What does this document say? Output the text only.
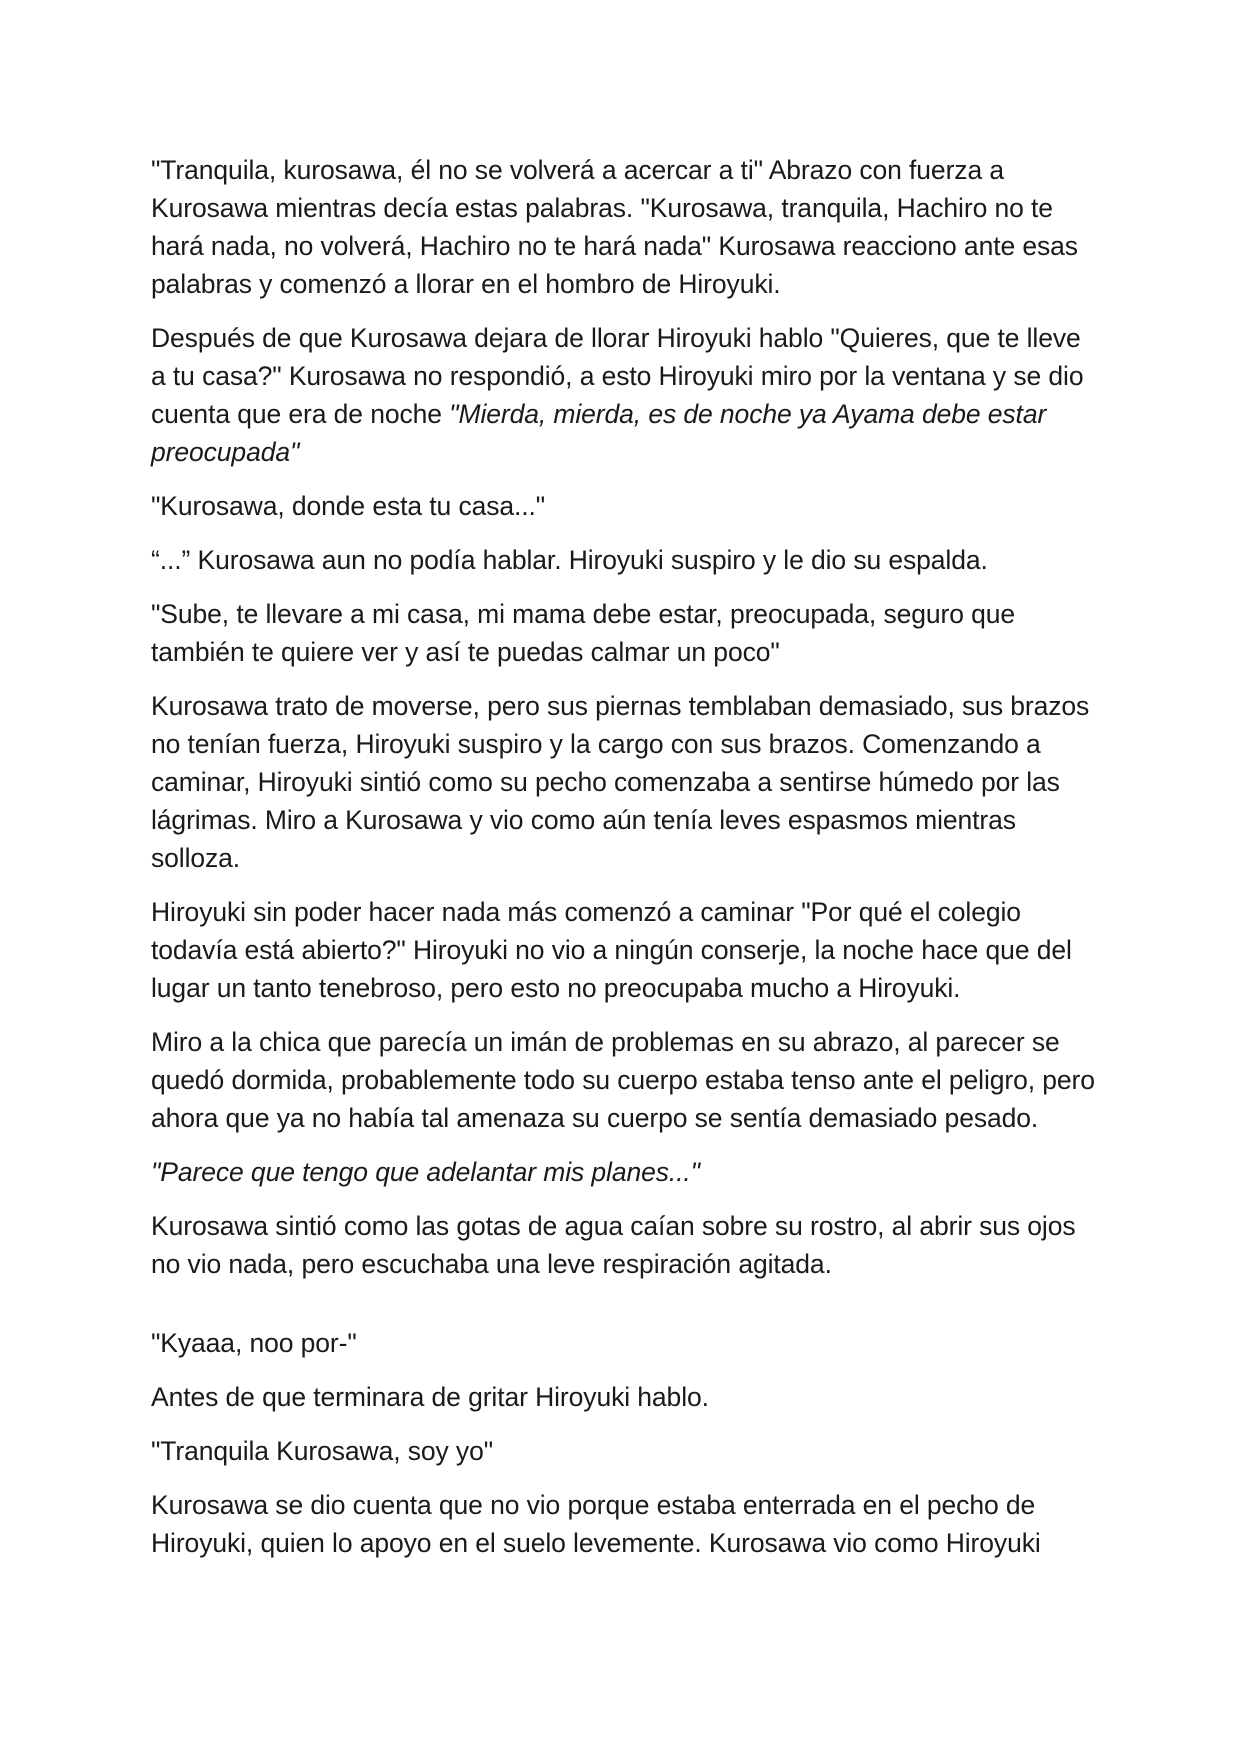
"Tranquila, kurosawa, él no se volverá a acercar a ti" Abrazo con fuerza a Kurosawa mientras decía estas palabras. "Kurosawa, tranquila, Hachiro no te hará nada, no volverá, Hachiro no te hará nada" Kurosawa reacciono ante esas palabras y comenzó a llorar en el hombro de Hiroyuki.

Después de que Kurosawa dejara de llorar Hiroyuki hablo "Quieres, que te lleve a tu casa?" Kurosawa no respondió, a esto Hiroyuki miro por la ventana y se dio cuenta que era de noche "Mierda, mierda, es de noche ya Ayama debe estar preocupada"

"Kurosawa, donde esta tu casa..."

“...” Kurosawa aun no podía hablar. Hiroyuki suspiro y le dio su espalda.

"Sube, te llevare a mi casa, mi mama debe estar, preocupada, seguro que también te quiere ver y así te puedas calmar un poco"

Kurosawa trato de moverse, pero sus piernas temblaban demasiado, sus brazos no tenían fuerza, Hiroyuki suspiro y la cargo con sus brazos. Comenzando a caminar, Hiroyuki sintió como su pecho comenzaba a sentirse húmedo por las lágrimas. Miro a Kurosawa y vio como aún tenía leves espasmos mientras solloza.

Hiroyuki sin poder hacer nada más comenzó a caminar "Por qué el colegio todavía está abierto?" Hiroyuki no vio a ningún conserje, la noche hace que del lugar un tanto tenebroso, pero esto no preocupaba mucho a Hiroyuki.

Miro a la chica que parecía un imán de problemas en su abrazo, al parecer se quedó dormida, probablemente todo su cuerpo estaba tenso ante el peligro, pero ahora que ya no había tal amenaza su cuerpo se sentía demasiado pesado.

"Parece que tengo que adelantar mis planes..."

Kurosawa sintió como las gotas de agua caían sobre su rostro, al abrir sus ojos no vio nada, pero escuchaba una leve respiración agitada.

"Kyaaa, noo por-"

Antes de que terminara de gritar Hiroyuki hablo.

"Tranquila Kurosawa, soy yo"

Kurosawa se dio cuenta que no vio porque estaba enterrada en el pecho de Hiroyuki, quien lo apoyo en el suelo levemente. Kurosawa vio como Hiroyuki
